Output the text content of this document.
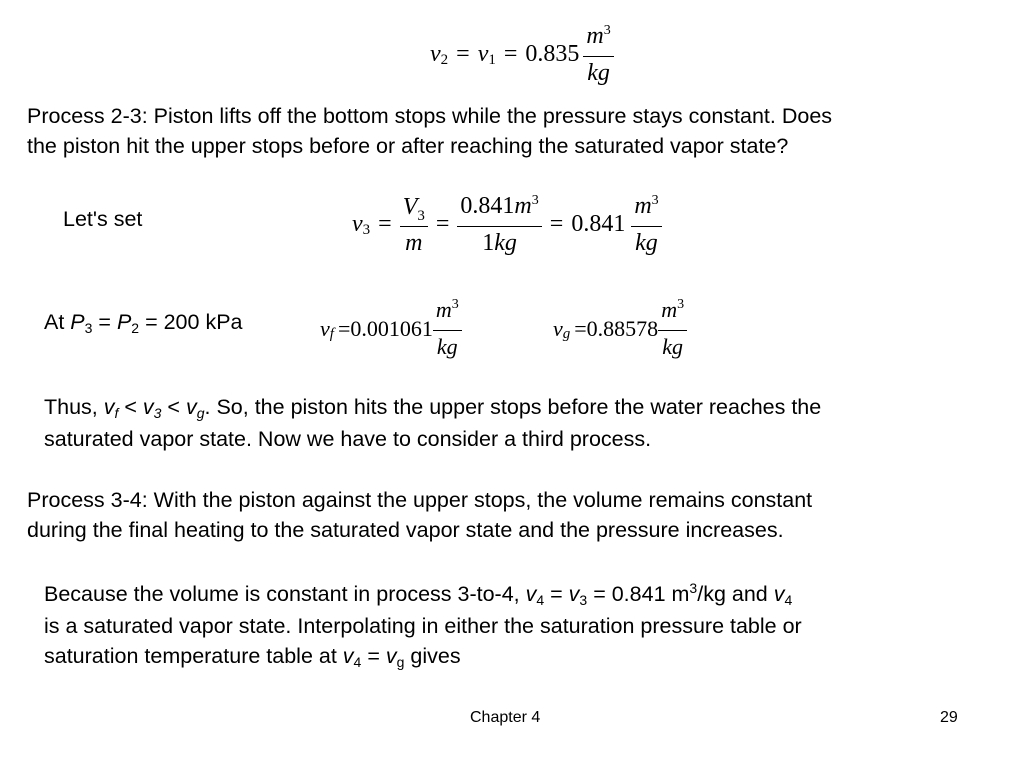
v 2 = v $1 = 0.835 \frac{m^3}{kg}$
Process 2-3: Piston lifts off the bottom stops while the pressure stays constant. Does
the piston hit the upper stops before or after reaching the saturated vapor state?
Let's set	v $3 = \frac{V_3}{m} = \frac{0.841m^3}{1kg} = 0.841 \frac{m^3}{kg}$
At P3 = P2 = 200 kPa	v $f =0.001061 \frac{m^3}{kg}$	v $g =0.88578 \frac{m^3}{kg}$
Thus, vf < v3 < vg. So, the piston hits the upper stops before the water reaches the
saturated vapor state. Now we have to consider a third process.
Process 3-4: With the piston against the upper stops, the volume remains constant
during the final heating to the saturated vapor state and the pressure increases.
Because the volume is constant in process 3-to-4, v4 = v3 = 0.841 $m^3/kg$ and v4
is a saturated vapor state. Interpolating in either the saturation pressure table or
saturation temperature table at v4 = vg gives
Chapter 4	29
